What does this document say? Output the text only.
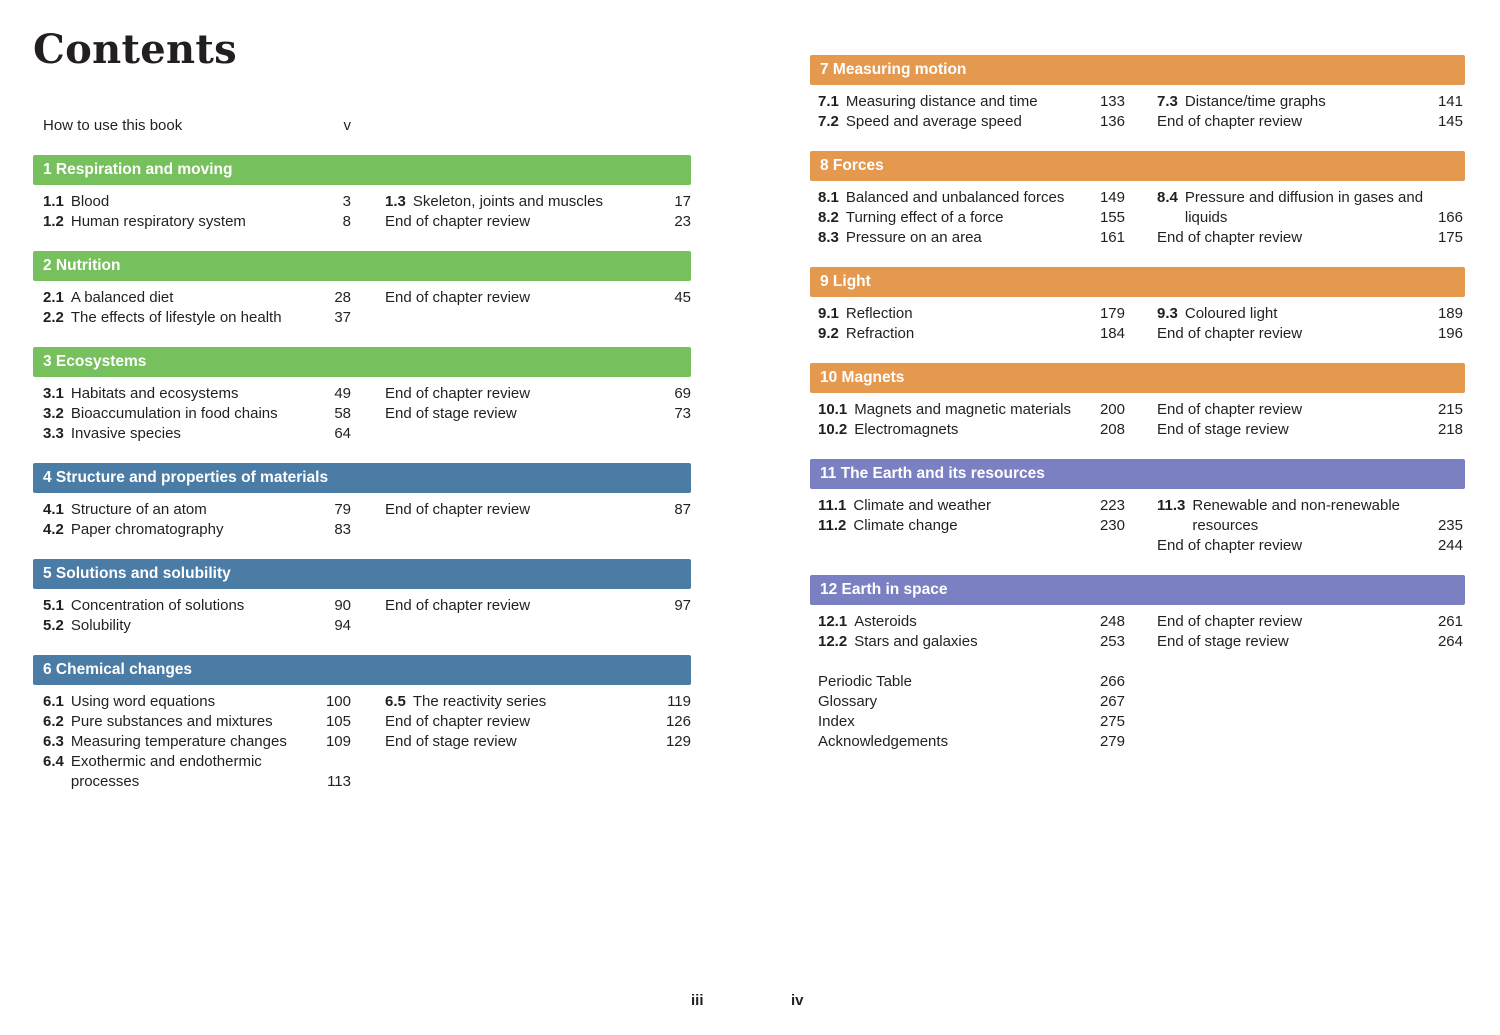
Contents
How to use this book	v
1 Respiration and moving
1.1 Blood	3
1.2 Human respiratory system	8
1.3 Skeleton, joints and muscles	17
End of chapter review	23
2 Nutrition
2.1 A balanced diet	28
2.2 The effects of lifestyle on health	37
End of chapter review	45
3 Ecosystems
3.1 Habitats and ecosystems	49
3.2 Bioaccumulation in food chains	58
3.3 Invasive species	64
End of chapter review	69
End of stage review	73
4 Structure and properties of materials
4.1 Structure of an atom	79
4.2 Paper chromatography	83
End of chapter review	87
5 Solutions and solubility
5.1 Concentration of solutions	90
5.2 Solubility	94
End of chapter review	97
6 Chemical changes
6.1 Using word equations	100
6.2 Pure substances and mixtures	105
6.3 Measuring temperature changes	109
6.4 Exothermic and endothermic processes	113
6.5 The reactivity series	119
End of chapter review	126
End of stage review	129
7 Measuring motion
7.1 Measuring distance and time	133
7.2 Speed and average speed	136
7.3 Distance/time graphs	141
End of chapter review	145
8 Forces
8.1 Balanced and unbalanced forces	149
8.2 Turning effect of a force	155
8.3 Pressure on an area	161
8.4 Pressure and diffusion in gases and liquids	166
End of chapter review	175
9 Light
9.1 Reflection	179
9.2 Refraction	184
9.3 Coloured light	189
End of chapter review	196
10 Magnets
10.1 Magnets and magnetic materials	200
10.2 Electromagnets	208
End of chapter review	215
End of stage review	218
11 The Earth and its resources
11.1 Climate and weather	223
11.2 Climate change	230
11.3 Renewable and non-renewable resources	235
End of chapter review	244
12 Earth in space
12.1 Asteroids	248
12.2 Stars and galaxies	253
End of chapter review	261
End of stage review	264
Periodic Table	266
Glossary	267
Index	275
Acknowledgements	279
iii	iv
